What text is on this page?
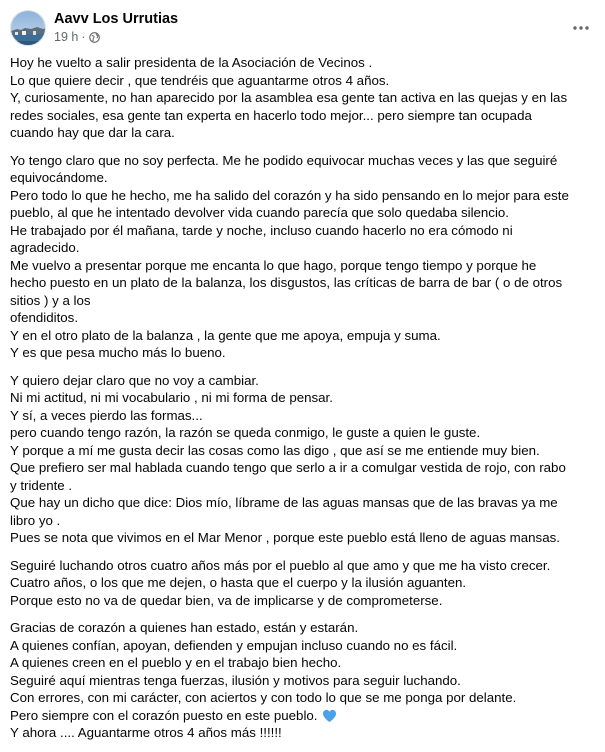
Aavv Los Urrutias
19 h ·
Hoy he vuelto a salir presidenta de la Asociación de Vecinos .
Lo que quiere decir , que tendréis que aguantarme otros 4 años.
Y, curiosamente, no han aparecido por la asamblea esa gente tan activa en las quejas y en las
redes sociales, esa gente tan experta en hacerlo todo mejor... pero siempre tan ocupada
cuando hay que dar la cara.
Yo tengo claro que no soy perfecta. Me he podido equivocar muchas veces y las que seguiré
equivocándome.
Pero todo lo que he hecho, me ha salido del corazón y ha sido pensando en lo mejor para este
pueblo, al que he intentado devolver vida cuando parecía que solo quedaba silencio.
He trabajado por él mañana, tarde y noche, incluso cuando hacerlo no era cómodo ni
agradecido.
Me vuelvo a presentar porque me encanta lo que hago, porque tengo tiempo y porque he
hecho puesto en un plato de la balanza, los disgustos, las críticas de barra de bar ( o de otros
sitios ) y a los
ofendiditos.
Y en el otro plato de la balanza , la gente que me apoya, empuja y suma.
Y es que pesa mucho más lo bueno.
Y quiero dejar claro que no voy a cambiar.
Ni mi actitud, ni mi vocabulario , ni mi forma de pensar.
Y sí, a veces pierdo las formas...
pero cuando tengo razón, la razón se queda conmigo, le guste a quien le guste.
Y porque a mí me gusta decir las cosas como las digo , que así se me entiende muy bien.
Que prefiero ser mal hablada cuando tengo que serlo a ir a comulgar vestida de rojo, con rabo
y tridente .
Que hay un dicho que dice: Dios mío, líbrame de las aguas mansas que de las bravas ya me
libro yo .
Pues se nota que vivimos en el Mar Menor , porque este pueblo está lleno de aguas mansas.
Seguiré luchando otros cuatro años más por el pueblo al que amo y que me ha visto crecer.
Cuatro años, o los que me dejen, o hasta que el cuerpo y la ilusión aguanten.
Porque esto no va de quedar bien, va de implicarse y de comprometerse.
Gracias de corazón a quienes han estado, están y estarán.
A quienes confían, apoyan, defienden y empujan incluso cuando no es fácil.
A quienes creen en el pueblo y en el trabajo bien hecho.
Seguiré aquí mientras tenga fuerzas, ilusión y motivos para seguir luchando.
Con errores, con mi carácter, con aciertos y con todo lo que se me ponga por delante.
Pero siempre con el corazón puesto en este pueblo.
Y ahora .... Aguantarme otros 4 años más !!!!!!
